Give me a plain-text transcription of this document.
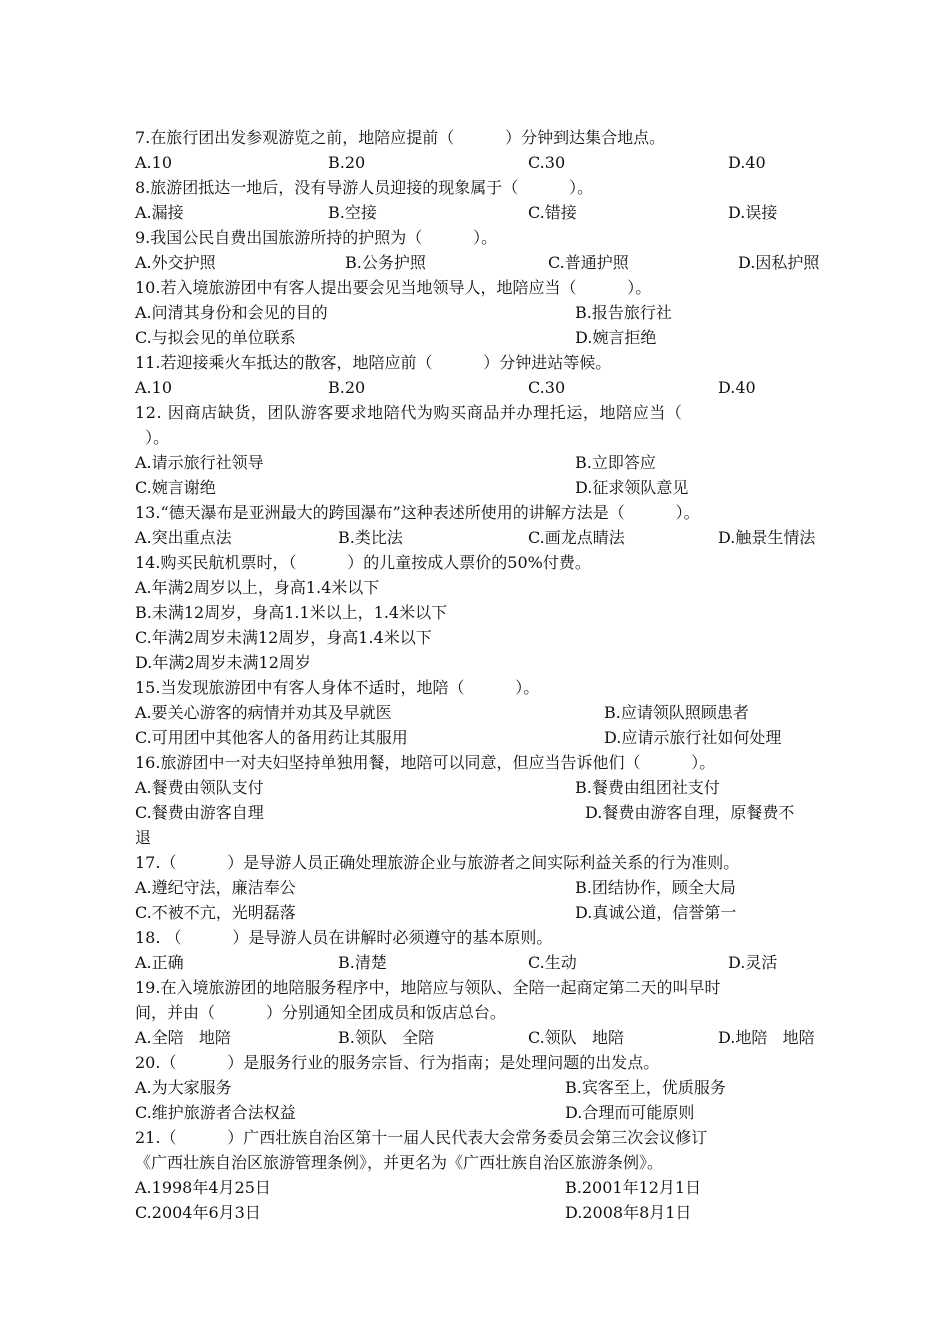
7.在旅行团出发参观游览之前，地陪应提前（          ）分钟到达集合地点。

A.10	B.20	C.30	D.40

8.旅游团抵达一地后，没有导游人员迎接的现象属于（          ）。

A.漏接	B.空接	C.错接	D.误接

9.我国公民自费出国旅游所持的护照为（          ）。

A.外交护照	B.公务护照	C.普通护照	D.因私护照

10.若入境旅游团中有客人提出要会见当地领导人，地陪应当（          ）。

A.问清其身份和会见的目的	B.报告旅行社

C.与拟会见的单位联系	D.婉言拒绝

11.若迎接乘火车抵达的散客，地陪应前（          ）分钟进站等候。

A.10	B.20	C.30	D.40

12. 因商店缺货，团队游客要求地陪代为购买商品并办理托运，地陪应当（

）。

A.请示旅行社领导	B.立即答应

C.婉言谢绝	D.征求领队意见

13.“德天瀑布是亚洲最大的跨国瀑布”这种表述所使用的讲解方法是（          ）。

A.突出重点法	B.类比法	C.画龙点睛法	D.触景生情法

14.购买民航机票时，（          ）的儿童按成人票价的50%付费。

A.年满2周岁以上，身高1.4米以下

B.未满12周岁，身高1.1米以上，1.4米以下

C.年满2周岁未满12周岁，身高1.4米以下

D.年满2周岁未满12周岁

15.当发现旅游团中有客人身体不适时，地陪（          ）。

A.要关心游客的病情并劝其及早就医	B.应请领队照顾患者

C.可用团中其他客人的备用药让其服用	D.应请示旅行社如何处理

16.旅游团中一对夫妇坚持单独用餐，地陪可以同意，但应当告诉他们（          ）。

A.餐费由领队支付	B.餐费由组团社支付

C.餐费由游客自理	D.餐费由游客自理，原餐费不

退

17.（          ）是导游人员正确处理旅游企业与旅游者之间实际利益关系的行为准则。

A.遵纪守法，廉洁奉公	B.团结协作，顾全大局

C.不被不亢，光明磊落	D.真诚公道，信誉第一

18. （          ）是导游人员在讲解时必须遵守的基本原则。

A.正确	B.清楚	C.生动	D.灵活

19.在入境旅游团的地陪服务程序中，地陪应与领队、全陪一起商定第二天的叫早时

间，并由（          ）分别通知全团成员和饭店总台。

A.全陪   地陪	B.领队   全陪	C.领队   地陪	D.地陪   地陪

20.（          ）是服务行业的服务宗旨、行为指南；是处理问题的出发点。

A.为大家服务	B.宾客至上，优质服务

C.维护旅游者合法权益	D.合理而可能原则

21.（          ）广西壮族自治区第十一届人民代表大会常务委员会第三次会议修订

《广西壮族自治区旅游管理条例》，并更名为《广西壮族自治区旅游条例》。

A.1998年4月25日	B.2001年12月1日

C.2004年6月3日	D.2008年8月1日
